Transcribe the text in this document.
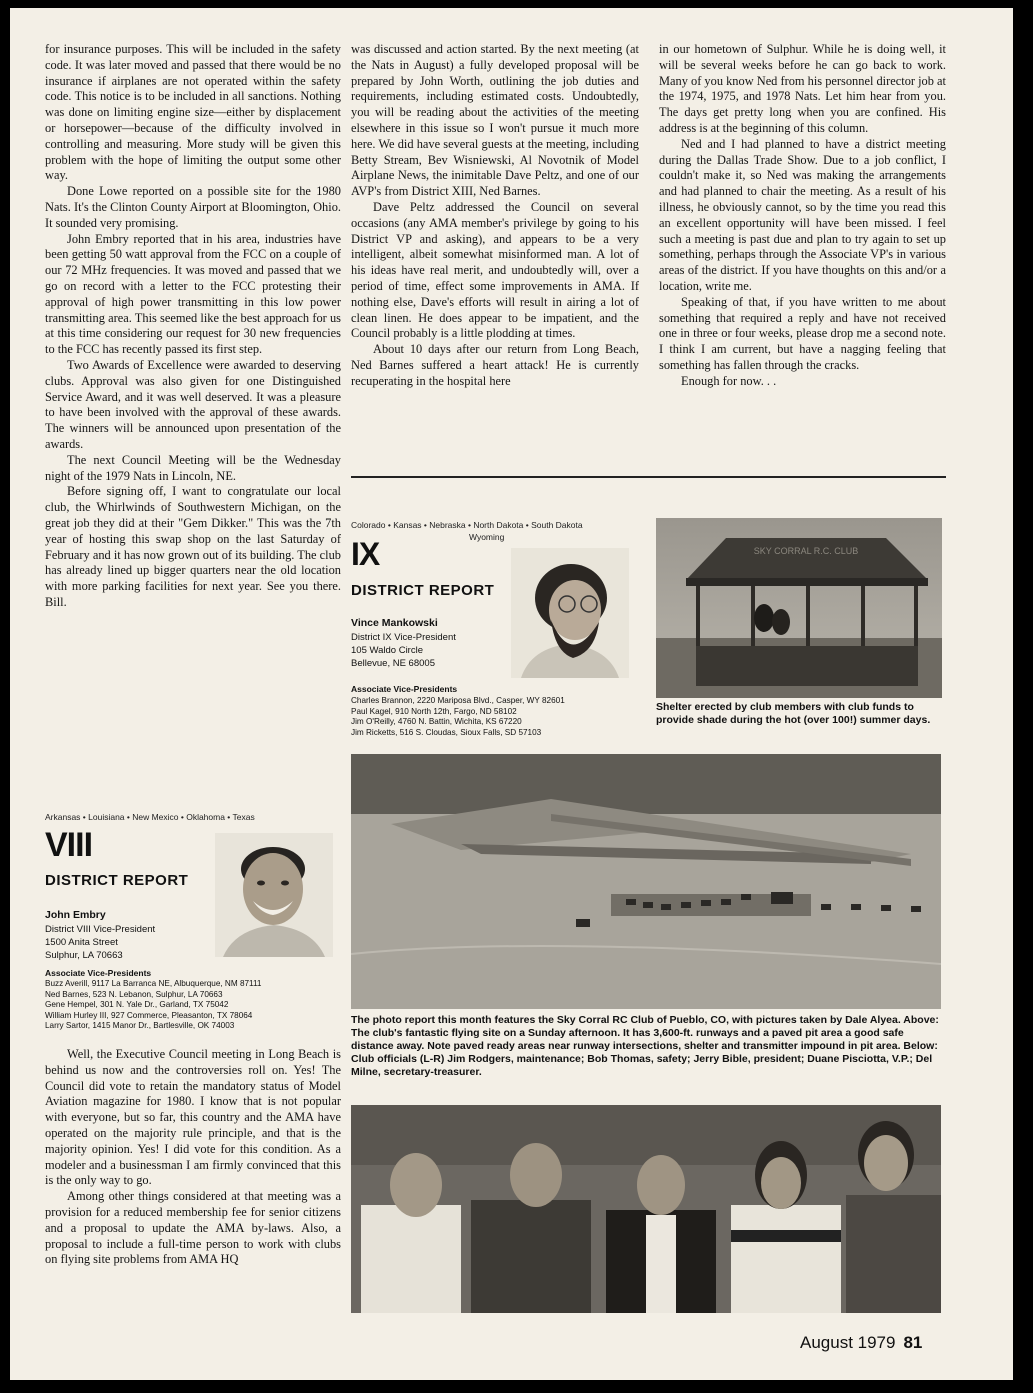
for insurance purposes. This will be included in the safety code. It was later moved and passed that there would be no insurance if airplanes are not operated within the safety code. This notice is to be included in all sanctions. Nothing was done on limiting engine size—either by displacement or horsepower—because of the difficulty involved in controlling and measuring. More study will be given this problem with the hope of limiting the output some other way.

Done Lowe reported on a possible site for the 1980 Nats. It's the Clinton County Airport at Bloomington, Ohio. It sounded very promising.

John Embry reported that in his area, industries have been getting 50 watt approval from the FCC on a couple of our 72 MHz frequencies. It was moved and passed that we go on record with a letter to the FCC protesting their approval of high power transmitting in this low power transmitting area. This seemed like the best approach for us at this time considering our request for 30 new frequencies to the FCC has recently passed its first step.

Two Awards of Excellence were awarded to deserving clubs. Approval was also given for one Distinguished Service Award, and it was well deserved. It was a pleasure to have been involved with the approval of these awards. The winners will be announced upon presentation of the awards.

The next Council Meeting will be the Wednesday night of the 1979 Nats in Lincoln, NE.

Before signing off, I want to congratulate our local club, the Whirlwinds of Southwestern Michigan, on the great job they did at their "Gem Dikker." This was the 7th year of hosting this swap shop on the last Saturday of February and it has now grown out of its building. The club has already lined up bigger quarters near the old location with more parking facilities for next year. See you there. Bill.

was discussed and action started. By the next meeting (at the Nats in August) a fully developed proposal will be prepared by John Worth, outlining the job duties and requirements, including estimated costs. Undoubtedly, you will be reading about the activities of the meeting elsewhere in this issue so I won't pursue it much more here. We did have several guests at the meeting, including Betty Stream, Bev Wisniewski, Al Novotnik of Model Airplane News, the inimitable Dave Peltz, and one of our AVP's from District XIII, Ned Barnes.

Dave Peltz addressed the Council on several occasions (any AMA member's privilege by going to his District VP and asking), and appears to be a very intelligent, albeit somewhat misinformed man. A lot of his ideas have real merit, and undoubtedly will, over a period of time, effect some improvements in AMA. If nothing else, Dave's efforts will result in airing a lot of clean linen. He does appear to be impatient, and the Council probably is a little plodding at times.

About 10 days after our return from Long Beach, Ned Barnes suffered a heart attack! He is currently recuperating in the hospital here

in our hometown of Sulphur. While he is doing well, it will be several weeks before he can go back to work. Many of you know Ned from his personnel director job at the 1974, 1975, and 1978 Nats. Let him hear from you. The days get pretty long when you are confined. His address is at the beginning of this column.

Ned and I had planned to have a district meeting during the Dallas Trade Show. Due to a job conflict, I couldn't make it, so Ned was making the arrangements and had planned to chair the meeting. As a result of his illness, he obviously cannot, so by the time you read this an excellent opportunity will have been missed. I feel such a meeting is past due and plan to try again to set up something, perhaps through the Associate VP's in various areas of the district. If you have thoughts on this and/or a location, write me.

Speaking of that, if you have written to me about something that required a reply and have not received one in three or four weeks, please drop me a second note. I think I am current, but have a nagging feeling that something has fallen through the cracks.

Enough for now. . .

Colorado • Kansas • Nebraska • North Dakota • South Dakota
Wyoming
IX
DISTRICT REPORT
Vince Mankowski
District IX Vice-President
105 Waldo Circle
Bellevue, NE 68005
Associate Vice-Presidents
Charles Brannon, 2220 Mariposa Blvd., Casper, WY 82601
Paul Kagel, 910 North 12th, Fargo, ND 58102
Jim O'Reilly, 4760 N. Battin, Wichita, KS 67220
Jim Ricketts, 516 S. Cloudas, Sioux Falls, SD 57103
SKY CORRAL R.C. CLUB
Shelter erected by club members with club funds to provide shade during the hot (over 100!) summer days.
The photo report this month features the Sky Corral RC Club of Pueblo, CO, with pictures taken by Dale Alyea. Above: The club's fantastic flying site on a Sunday afternoon. It has 3,600-ft. runways and a paved pit area a good safe distance away. Note paved ready areas near runway intersections, shelter and transmitter impound in pit area. Below: Club officials (L-R) Jim Rodgers, maintenance; Bob Thomas, safety; Jerry Bible, president; Duane Pisciotta, V.P.; Del Milne, secretary-treasurer.
Arkansas • Louisiana • New Mexico • Oklahoma • Texas
VIII
DISTRICT REPORT
John Embry
District VIII Vice-President
1500 Anita Street
Sulphur, LA 70663
Associate Vice-Presidents
Buzz Averill, 9117 La Barranca NE, Albuquerque, NM 87111
Ned Barnes, 523 N. Lebanon, Sulphur, LA 70663
Gene Hempel, 301 N. Yale Dr., Garland, TX 75042
William Hurley III, 927 Commerce, Pleasanton, TX 78064
Larry Sartor, 1415 Manor Dr., Bartlesville, OK 74003

Well, the Executive Council meeting in Long Beach is behind us now and the controversies roll on. Yes! The Council did vote to retain the mandatory status of Model Aviation magazine for 1980. I know that is not popular with everyone, but so far, this country and the AMA have operated on the majority rule principle, and that is the majority opinion. Yes! I did vote for this condition. As a modeler and a businessman I am firmly convinced that this is the only way to go.

Among other things considered at that meeting was a provision for a reduced membership fee for senior citizens and a proposal to update the AMA by-laws. Also, a proposal to include a full-time person to work with clubs on flying site problems from AMA HQ

August 1979 81
